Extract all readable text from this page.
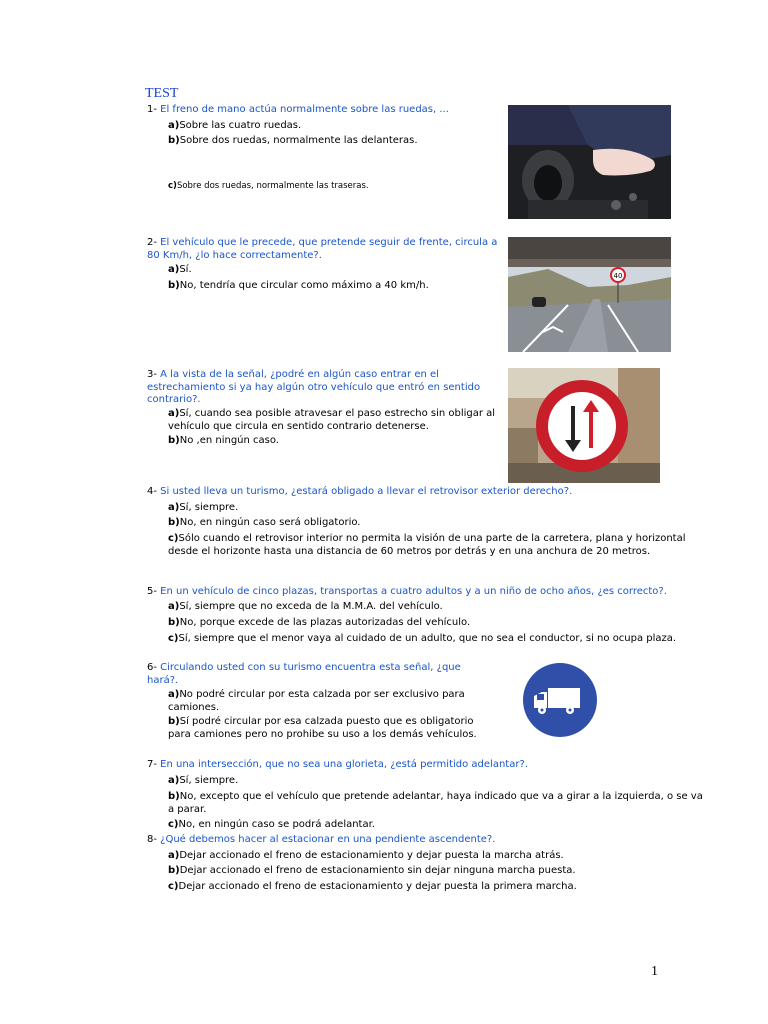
TEST
1- El freno de mano actúa normalmente sobre las ruedas, ...
a)Sobre las cuatro ruedas.
b)Sobre dos ruedas, normalmente las delanteras.
c)Sobre dos ruedas, normalmente las traseras.
2- El vehículo que le precede, que pretende seguir de frente, circula a 80 Km/h, ¿lo hace correctamente?.
a)Sí.
b)No, tendría que circular como máximo a 40 km/h.
40
3- A la vista de la señal, ¿podré en algún caso entrar en el estrechamiento si ya hay algún otro vehículo que entró en sentido contrario?.
a)Sí, cuando sea posible atravesar el paso estrecho sin obligar al vehículo que circula en sentido contrario detenerse.
b)No ,en ningún caso.
4- Si usted lleva un turismo, ¿estará obligado a llevar el retrovisor exterior derecho?.
a)Sí, siempre.
b)No, en ningún caso será obligatorio.
c)Sólo cuando el retrovisor interior no permita la visión de una parte de la carretera, plana y horizontal desde el horizonte hasta una distancia de 60 metros por detrás y en una anchura de 20 metros.
5- En un vehículo de cinco plazas, transportas a cuatro adultos y a un niño de ocho años, ¿es correcto?.
a)Sí, siempre que no exceda de la M.M.A. del vehículo.
b)No, porque excede de las plazas autorizadas del vehículo.
c)Sí, siempre que el menor vaya al cuidado de un adulto, que no sea el conductor, si no ocupa plaza.
6- Circulando usted con su turismo encuentra esta señal, ¿que hará?.
a)No podré circular por esta calzada por ser exclusivo para camiones.
b)Sí podré circular por esa calzada puesto que es obligatorio para camiones pero no prohibe su uso a los demás vehículos.
7- En una intersección, que no sea una glorieta, ¿está permitido adelantar?.
a)Sí, siempre.
b)No, excepto que el vehículo que pretende adelantar, haya indicado que va a girar a la izquierda, o se va a parar.
c)No, en ningún caso se podrá adelantar.
8- ¿Qué debemos hacer al estacionar en una pendiente ascendente?.
a)Dejar accionado el freno de estacionamiento y dejar puesta la marcha atrás.
b)Dejar accionado el freno de estacionamiento sin dejar ninguna marcha puesta.
c)Dejar accionado el freno de estacionamiento y dejar puesta la primera marcha.
1
